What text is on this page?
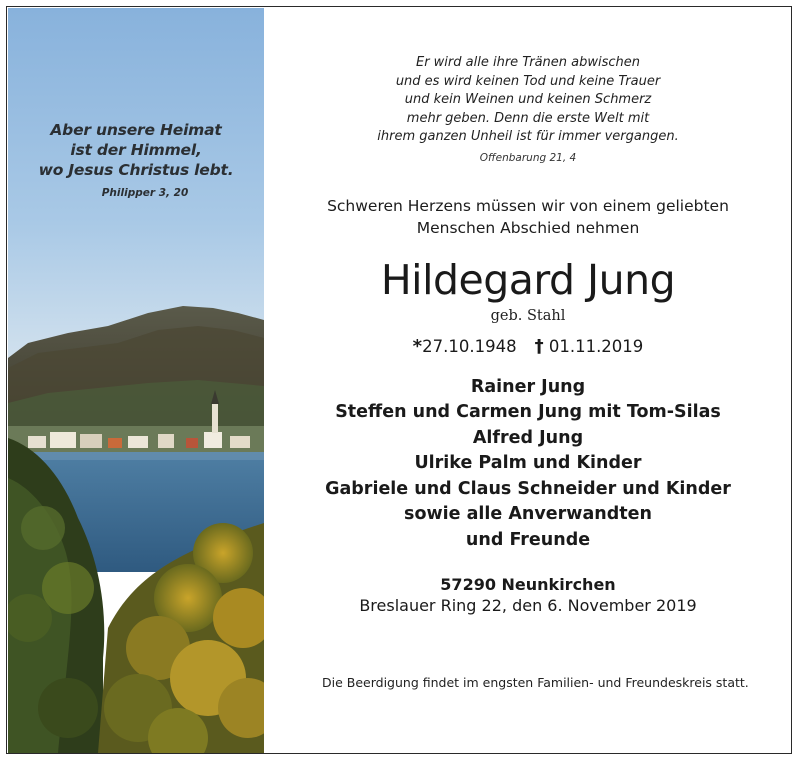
Aber unsere Heimat
ist der Himmel,
wo Jesus Christus lebt.
Philipper 3, 20
Er wird alle ihre Tränen abwischen
und es wird keinen Tod und keine Trauer
und kein Weinen und keinen Schmerz
mehr geben. Denn die erste Welt mit
ihrem ganzen Unheil ist für immer vergangen.
Offenbarung 21, 4
Schweren Herzens müssen wir von einem geliebten
Menschen Abschied nehmen
Hildegard Jung
geb. Stahl
*27.10.1948 † 01.11.2019
Rainer Jung
Steffen und Carmen Jung mit Tom-Silas
Alfred Jung
Ulrike Palm und Kinder
Gabriele und Claus Schneider und Kinder
sowie alle Anverwandten
und Freunde
57290 Neunkirchen
Breslauer Ring 22, den 6. November 2019
Die Beerdigung findet im engsten Familien- und Freundeskreis statt.
